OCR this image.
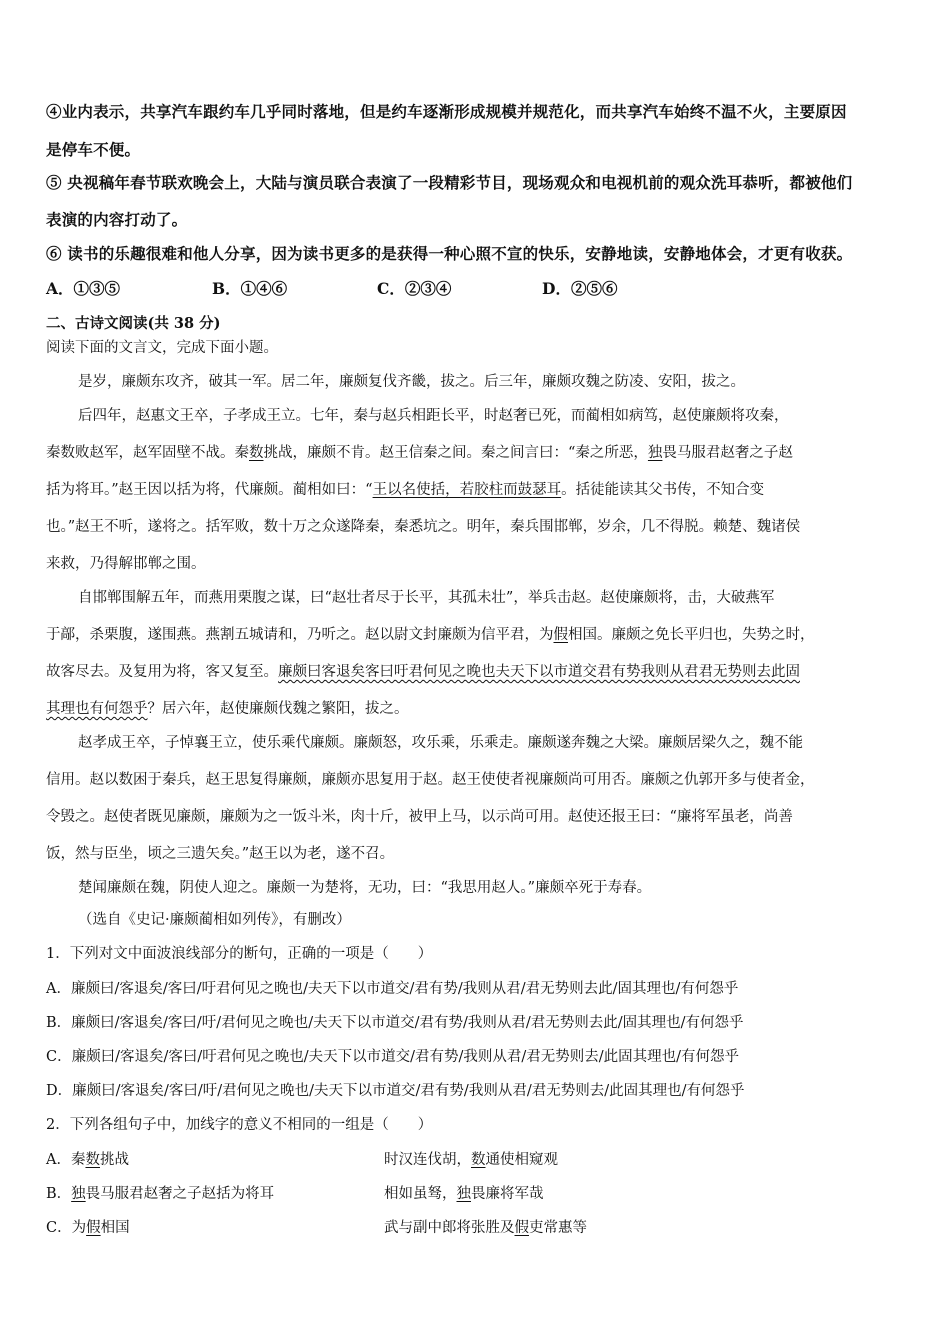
④业内表示，共享汽车跟约车几乎同时落地，但是约车逐渐形成规模并规范化，而共享汽车始终不温不火，主要原因
是停车不便。
⑤ 央视稿年春节联欢晚会上，大陆与演员联合表演了一段精彩节目，现场观众和电视机前的观众洗耳恭听，都被他们
表演的内容打动了。
⑥ 读书的乐趣很难和他人分享，因为读书更多的是获得一种心照不宣的快乐，安静地读，安静地体会，才更有收获。
A．①③⑤	B．①④⑥	C．②③④	D．②⑤⑥
二、古诗文阅读(共 38 分)
阅读下面的文言文，完成下面小题。
是岁，廉颇东攻齐，破其一军。居二年，廉颇复伐齐畿，拔之。后三年，廉颇攻魏之防凌、安阳，拔之。
后四年，赵惠文王卒，子孝成王立。七年，秦与赵兵相距长平，时赵奢已死，而蔺相如病笃，赵使廉颇将攻秦，
秦数败赵军，赵军固壁不战。秦数挑战，廉颇不肯。赵王信秦之间。秦之间言曰：“秦之所恶，独畏马服君赵奢之子赵
括为将耳。”赵王因以括为将，代廉颇。蔺相如曰：“王以名使括，若胶柱而鼓瑟耳。括徒能读其父书传，不知合变
也。”赵王不听，遂将之。括军败，数十万之众遂降秦，秦悉坑之。明年，秦兵围邯郸，岁余，几不得脱。赖楚、魏诸侯
来救，乃得解邯郸之围。
自邯郸围解五年，而燕用栗腹之谋，曰“赵壮者尽于长平，其孤未壮”，举兵击赵。赵使廉颇将，击，大破燕军
于鄗，杀栗腹，遂围燕。燕割五城请和，乃听之。赵以尉文封廉颇为信平君，为假相国。廉颇之免长平归也，失势之时，
故客尽去。及复用为将，客又复至。廉颇曰客退矣客曰吁君何见之晚也夫天下以市道交君有势我则从君君无势则去此固
其理也有何怨乎？居六年，赵使廉颇伐魏之繁阳，拔之。
赵孝成王卒，子悼襄王立，使乐乘代廉颇。廉颇怒，攻乐乘，乐乘走。廉颇遂奔魏之大梁。廉颇居梁久之，魏不能
信用。赵以数困于秦兵，赵王思复得廉颇，廉颇亦思复用于赵。赵王使使者视廉颇尚可用否。廉颇之仇郭开多与使者金，
令毁之。赵使者既见廉颇，廉颇为之一饭斗米，肉十斤，被甲上马，以示尚可用。赵使还报王曰：“廉将军虽老，尚善
饭，然与臣坐，顷之三遗矢矣。”赵王以为老，遂不召。
楚闻廉颇在魏，阴使人迎之。廉颇一为楚将，无功，曰：“我思用赵人。”廉颇卒死于寿春。
（选自《史记·廉颇蔺相如列传》，有删改）
1．下列对文中面波浪线部分的断句，正确的一项是（　　）
A．廉颇曰/客退矣/客曰/吁君何见之晚也/夫天下以市道交/君有势/我则从君/君无势则去此/固其理也/有何怨乎
B．廉颇曰/客退矣/客曰/吁/君何见之晚也/夫天下以市道交/君有势/我则从君/君无势则去此/固其理也/有何怨乎
C．廉颇曰/客退矣/客曰/吁君何见之晚也/夫天下以市道交/君有势/我则从君/君无势则去/此固其理也/有何怨乎
D．廉颇曰/客退矣/客曰/吁/君何见之晚也/夫天下以市道交/君有势/我则从君/君无势则去/此固其理也/有何怨乎
2．下列各组句子中，加线字的意义不相同的一组是（　　）
A．秦数挑战	时汉连伐胡，数通使相窥观
B．独畏马服君赵奢之子赵括为将耳	相如虽驽，独畏廉将军哉
C．为假相国	武与副中郎将张胜及假吏常惠等
